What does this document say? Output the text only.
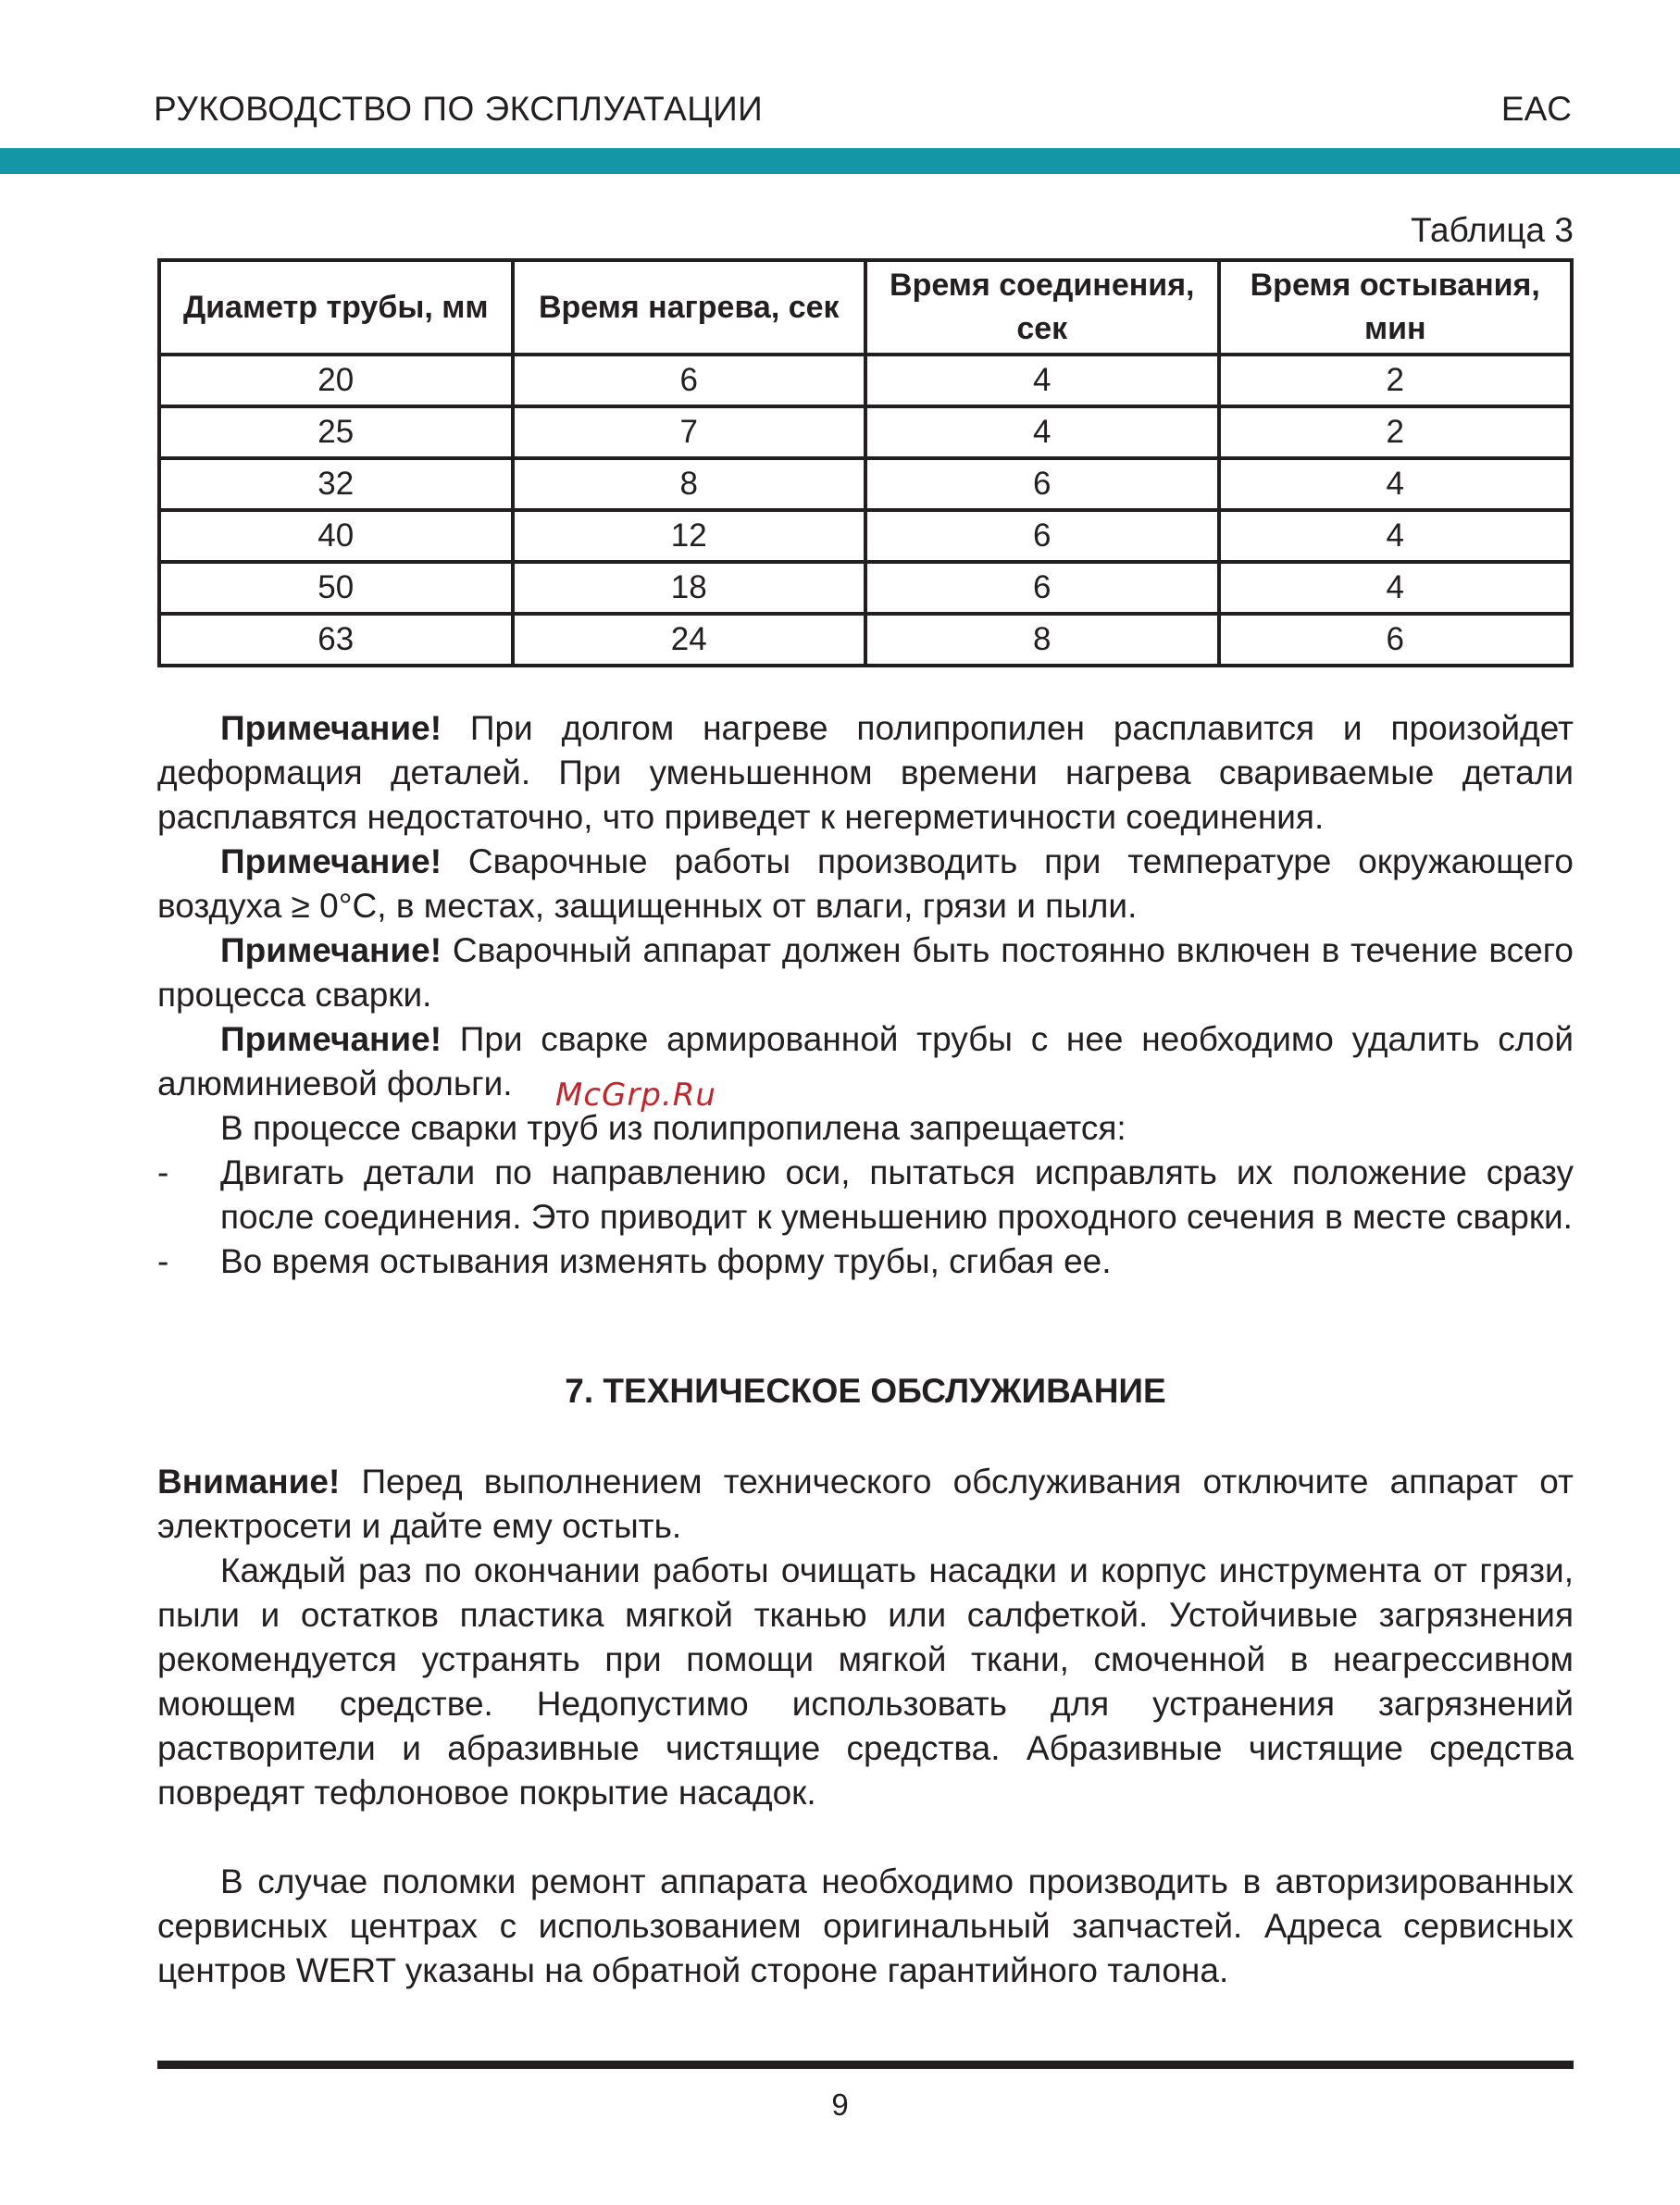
РУКОВОДСТВО ПО ЭКСПЛУАТАЦИИ	EAC
Таблица 3
Диаметр трубы, мм	Время нагрева, сек	Время соединения, сек	Время остывания, мин
20	6	4	2
25	7	4	2
32	8	6	4
40	12	6	4
50	18	6	4
63	24	8	6

Примечание! При долгом нагреве полипропилен расплавится и произойдет деформация деталей. При уменьшенном времени нагрева свариваемые детали расплавятся недостаточно, что приведет к негерметичности соединения.

Примечание! Сварочные работы производить при температуре окружающего воздуха ≥ 0°C, в местах, защищенных от влаги, грязи и пыли.

Примечание! Сварочный аппарат должен быть постоянно включен в течение всего процесса сварки.

Примечание! При сварке армированной трубы с нее необходимо удалить слой алюминиевой фольги.

В процессе сварки труб из полипропилена запрещается:

-	Двигать детали по направлению оси, пытаться исправлять их положение сразу после соединения. Это приводит к уменьшению проходного сечения в месте сварки.
-	Во время остывания изменять форму трубы, сгибая ее.
7. ТЕХНИЧЕСКОЕ ОБСЛУЖИВАНИЕ

Внимание! Перед выполнением технического обслуживания отключите аппарат от электросети и дайте ему остыть.

Каждый раз по окончании работы очищать насадки и корпус инструмента от грязи, пыли и остатков пластика мягкой тканью или салфеткой. Устойчивые загрязнения рекомендуется устранять при помощи мягкой ткани, смоченной в неагрессивном моющем средстве. Недопустимо использовать для устранения загрязнений растворители и абразивные чистящие средства. Абразивные чистящие средства повредят тефлоновое покрытие насадок.

В случае поломки ремонт аппарата необходимо производить в авторизированных сервисных центрах с использованием оригинальный запчастей. Адреса сервисных центров WERT указаны на обратной стороне гарантийного талона.

McGrp.Ru
9
